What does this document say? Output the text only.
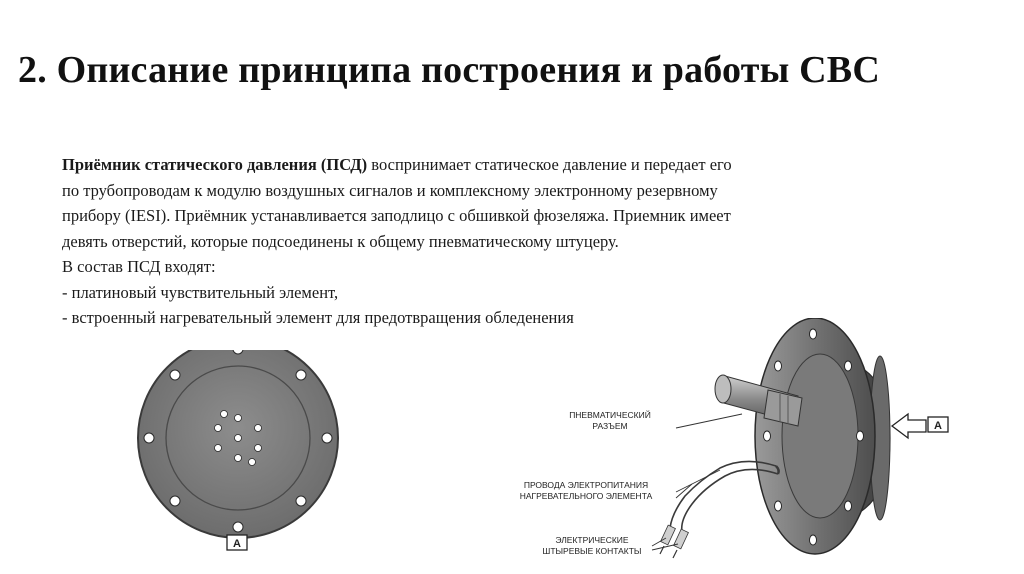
2. Описание принципа построения и работы СВС

Приёмник статического давления (ПСД) воспринимает статическое давление и передает его

по трубопроводам к модулю воздушных сигналов и комплексному электронному резервному

прибору (IESI). Приёмник устанавливается заподлицо с обшивкой фюзеляжа. Приемник имеет

девять отверстий, которые подсоединены к общему пневматическому штуцеру.

В состав ПСД входят:

- платиновый чувствительный элемент,

- встроенный нагревательный элемент для предотвращения обледенения

A
A
ПНЕВМАТИЧЕСКИЙ
РАЗЪЕМ
ПРОВОДА ЭЛЕКТРОПИТАНИЯ
НАГРЕВАТЕЛЬНОГО ЭЛЕМЕНТА
ЭЛЕКТРИЧЕСКИЕ
ШТЫРЕВЫЕ КОНТАКТЫ
